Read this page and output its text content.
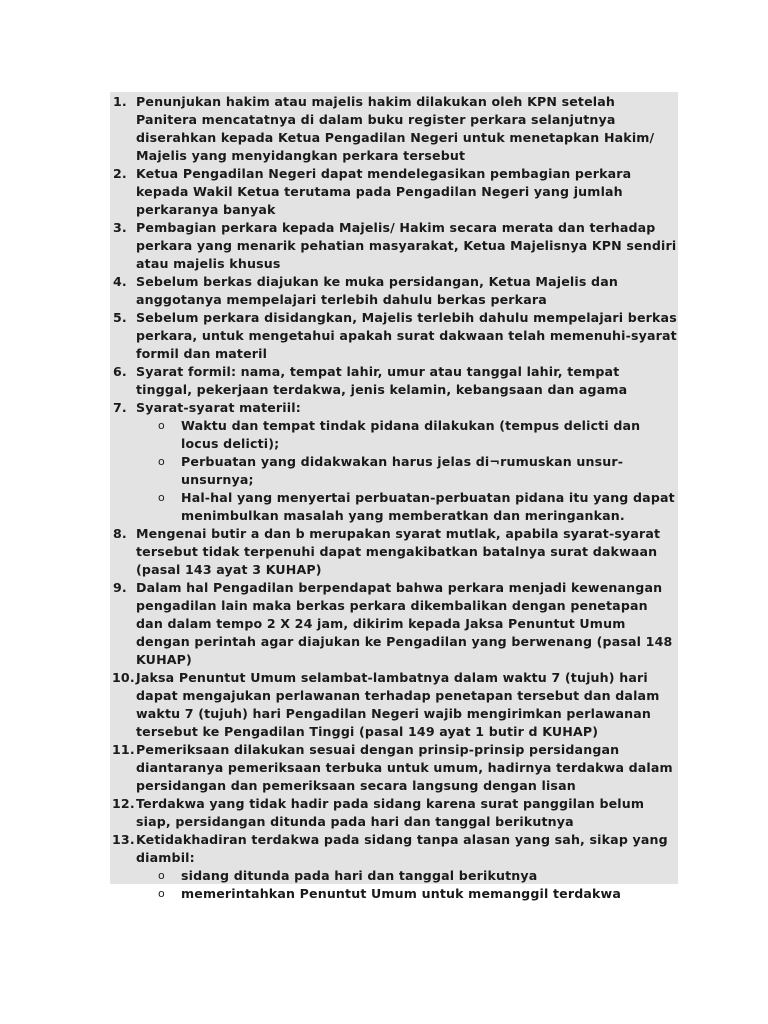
1. Penunjukan hakim atau majelis hakim dilakukan oleh KPN setelah Panitera mencatatnya di dalam buku register perkara selanjutnya diserahkan kepada Ketua Pengadilan Negeri untuk menetapkan Hakim/ Majelis yang menyidangkan perkara tersebut
2. Ketua Pengadilan Negeri dapat mendelegasikan pembagian perkara kepada Wakil Ketua terutama pada Pengadilan Negeri yang jumlah perkaranya banyak
3. Pembagian perkara kepada Majelis/ Hakim secara merata dan terhadap perkara yang menarik pehatian masyarakat, Ketua Majelisnya KPN sendiri atau majelis khusus
4. Sebelum berkas diajukan ke muka persidangan, Ketua Majelis dan anggotanya mempelajari terlebih dahulu berkas perkara
5. Sebelum perkara disidangkan, Majelis terlebih dahulu mempelajari berkas perkara, untuk mengetahui apakah surat dakwaan telah memenuhi-syarat formil dan materil
6. Syarat formil: nama, tempat lahir, umur atau tanggal lahir, tempat tinggal, pekerjaan terdakwa, jenis kelamin, kebangsaan dan agama
7. Syarat-syarat materiil:
o Waktu dan tempat tindak pidana dilakukan (tempus delicti dan locus delicti);
o Perbuatan yang didakwakan harus jelas di¬rumuskan unsur-unsurnya;
o Hal-hal yang menyertai perbuatan-perbuatan pidana itu yang dapat menimbulkan masalah yang memberatkan dan meringankan.
8. Mengenai butir a dan b merupakan syarat mutlak, apabila syarat-syarat tersebut tidak terpenuhi dapat mengakibatkan batalnya surat dakwaan (pasal 143 ayat 3 KUHAP)
9. Dalam hal Pengadilan berpendapat bahwa perkara menjadi kewenangan pengadilan lain maka berkas perkara dikembalikan dengan penetapan dan dalam tempo 2 X 24 jam, dikirim kepada Jaksa Penuntut Umum dengan perintah agar diajukan ke Pengadilan yang berwenang (pasal 148 KUHAP)
10. Jaksa Penuntut Umum selambat-lambatnya dalam waktu 7 (tujuh) hari dapat mengajukan perlawanan terhadap penetapan tersebut dan dalam waktu 7 (tujuh) hari Pengadilan Negeri wajib mengirimkan perlawanan tersebut ke Pengadilan Tinggi (pasal 149 ayat 1 butir d KUHAP)
11. Pemeriksaan dilakukan sesuai dengan prinsip-prinsip persidangan diantaranya pemeriksaan terbuka untuk umum, hadirnya terdakwa dalam persidangan dan pemeriksaan secara langsung dengan lisan
12. Terdakwa yang tidak hadir pada sidang karena surat panggilan belum siap, persidangan ditunda pada hari dan tanggal berikutnya
13. Ketidakhadiran terdakwa pada sidang tanpa alasan yang sah, sikap yang diambil:
o sidang ditunda pada hari dan tanggal berikutnya
o memerintahkan Penuntut Umum untuk memanggil terdakwa
